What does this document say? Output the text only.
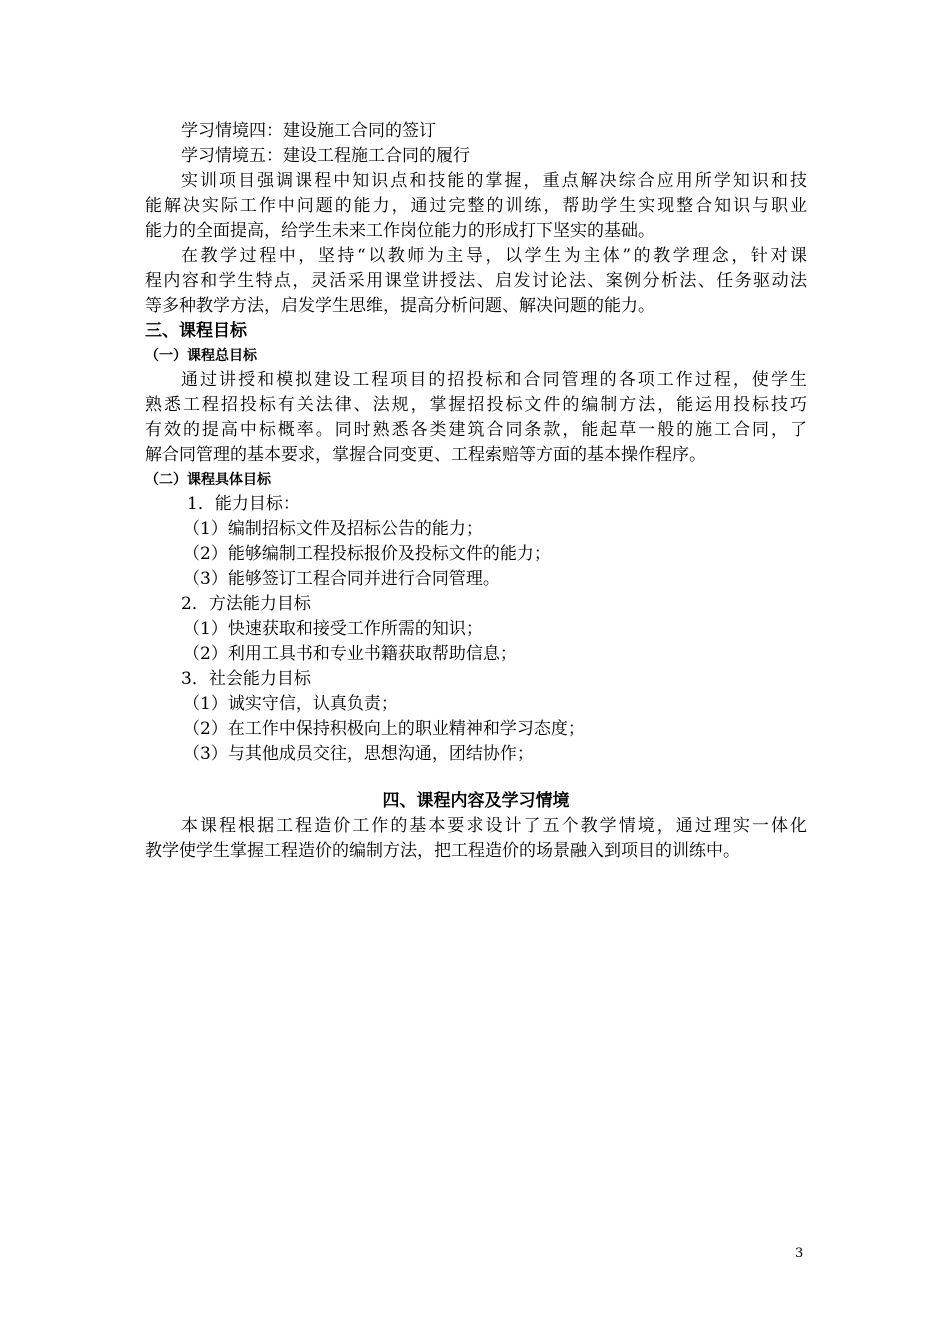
学习情境四：建设施工合同的签订
学习情境五：建设工程施工合同的履行
实训项目强调课程中知识点和技能的掌握，重点解决综合应用所学知识和技
能解决实际工作中问题的能力，通过完整的训练，帮助学生实现整合知识与职业
能力的全面提高，给学生未来工作岗位能力的形成打下坚实的基础。
在教学过程中，坚持“以教师为主导，以学生为主体”的教学理念，针对课
程内容和学生特点，灵活采用课堂讲授法、启发讨论法、案例分析法、任务驱动法
等多种教学方法，启发学生思维，提高分析问题、解决问题的能力。
三、课程目标
（一）课程总目标
通过讲授和模拟建设工程项目的招投标和合同管理的各项工作过程，使学生
熟悉工程招投标有关法律、法规，掌握招投标文件的编制方法，能运用投标技巧
有效的提高中标概率。同时熟悉各类建筑合同条款，能起草一般的施工合同，了
解合同管理的基本要求，掌握合同变更、工程索赔等方面的基本操作程序。
（二）课程具体目标
1．能力目标：
（1）编制招标文件及招标公告的能力；
（2）能够编制工程投标报价及投标文件的能力；
（3）能够签订工程合同并进行合同管理。
2．方法能力目标
（1）快速获取和接受工作所需的知识；
（2）利用工具书和专业书籍获取帮助信息；
3．社会能力目标
（1）诚实守信，认真负责；
（2）在工作中保持积极向上的职业精神和学习态度；
（3）与其他成员交往，思想沟通，团结协作；
四、课程内容及学习情境
本课程根据工程造价工作的基本要求设计了五个教学情境，通过理实一体化
教学使学生掌握工程造价的编制方法，把工程造价的场景融入到项目的训练中。
3
